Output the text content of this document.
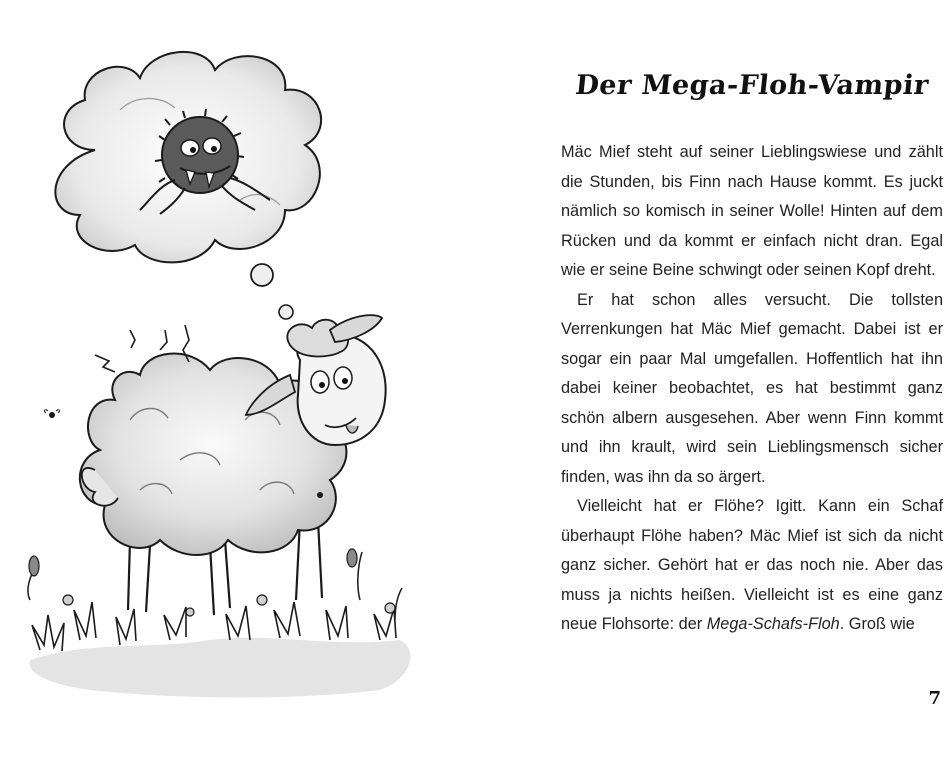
Der Mega-Floh-Vampir

Mäc Mief steht auf seiner Lieblingswiese und zählt die Stunden, bis Finn nach Hause kommt. Es juckt nämlich so komisch in seiner Wolle! Hinten auf dem Rücken und da kommt er einfach nicht dran. Egal wie er seine Beine schwingt oder seinen Kopf dreht.

Er hat schon alles versucht. Die tollsten Verrenkungen hat Mäc Mief gemacht. Dabei ist er sogar ein paar Mal umgefallen. Hoffentlich hat ihn dabei keiner beobachtet, es hat bestimmt ganz schön albern ausgesehen. Aber wenn Finn kommt und ihn krault, wird sein Lieblingsmensch sicher finden, was ihn da so ärgert.

Vielleicht hat er Flöhe? Igitt. Kann ein Schaf überhaupt Flöhe haben? Mäc Mief ist sich da nicht ganz sicher. Gehört hat er das noch nie. Aber das muss ja nichts heißen. Vielleicht ist es eine ganz neue Flohsorte: der Mega-Schafs-Floh. Groß wie

7
